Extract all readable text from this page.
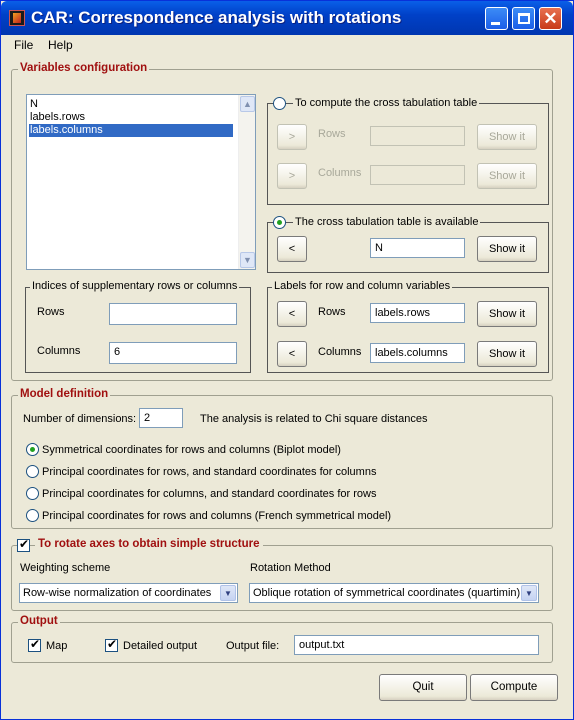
CAR: Correspondence analysis with rotations	✕
File Help
Variables configuration
N
labels.rows
labels.columns
▲
▼
To compute the cross tabulation table
>	Rows	Show it
>	Columns	Show it
The cross tabulation table is available
<	N	Show it
Indices of supplementary rows or columns
Rows
Columns	6
Labels for row and column variables
<	Rows	labels.rows	Show it
<	Columns	labels.columns	Show it
Model definition
Number of dimensions: 2	The analysis is related to Chi square distances
Symmetrical coordinates for rows and columns (Biplot model)
Principal coordinates for rows, and standard coordinates for columns
Principal coordinates for columns, and standard coordinates for rows
Principal coordinates for rows and columns (French symmetrical model)
✔
To rotate axes to obtain simple structure
Weighting scheme
Row-wise normalization of coordinates	▼
Rotation Method
Oblique rotation of symmetrical coordinates (quartimin) ▼
Output
✔
Map
✔	Detailed output	Output file:	output.txt
Quit	Compute
